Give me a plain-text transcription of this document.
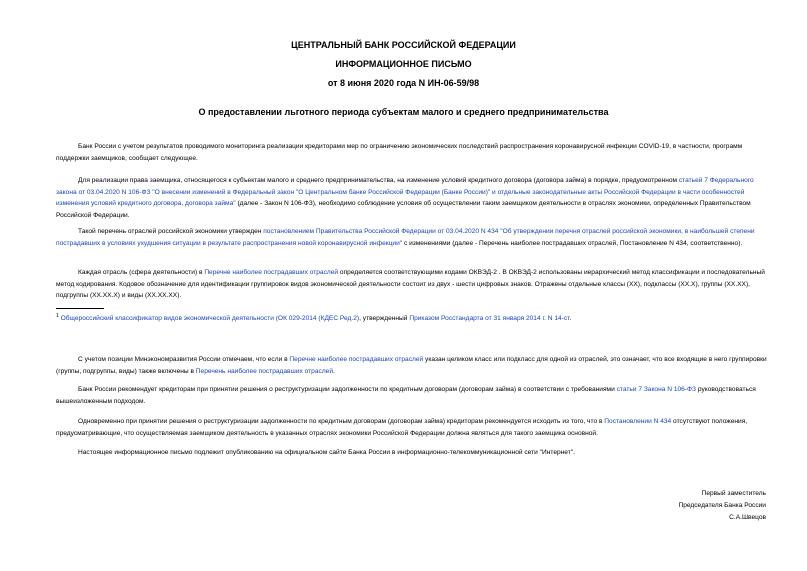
ЦЕНТРАЛЬНЫЙ БАНК РОССИЙСКОЙ ФЕДЕРАЦИИ
ИНФОРМАЦИОННОЕ ПИСЬМО
от 8 июня 2020 года N ИН-06-59/98
О предоставлении льготного периода субъектам малого и среднего предпринимательства

Банк России с учетом результатов проводимого мониторинга реализации кредиторами мер по ограничению экономических последствий распространения коронавирусной инфекции COVID-19, в частности, программ поддержки заемщиков, сообщает следующее.

Для реализации права заемщика, относящегося к субъектам малого и среднего предпринимательства, на изменение условий кредитного договора (договора займа) в порядке, предусмотренном статьей 7 Федерального закона от 03.04.2020 N 106-ФЗ "О внесении изменений в Федеральный закон "О Центральном банке Российской Федерации (Банке России)" и отдельные законодательные акты Российской Федерации в части особенностей изменения условий кредитного договора, договора займа" (далее - Закон N 106-ФЗ), необходимо соблюдение условия об осуществлении таким заемщиком деятельности в отраслях экономики, определенных Правительством Российской Федерации.

Такой перечень отраслей российской экономики утвержден постановлением Правительства Российской Федерации от 03.04.2020 N 434 "Об утверждении перечня отраслей российской экономики, в наибольшей степени пострадавших в условиях ухудшения ситуации в результате распространения новой коронавирусной инфекции" с изменениями (далее - Перечень наиболее пострадавших отраслей, Постановление N 434, соответственно).

Каждая отрасль (сфера деятельности) в Перечне наиболее пострадавших отраслей определяется соответствующими кодами ОКВЭД-2 . В ОКВЭД-2 использованы иерархический метод классификации и последовательный метод кодирования. Кодовое обозначение для идентификации группировок видов экономической деятельности состоит из двух - шести цифровых знаков. Отражены отдельные классы (XX), подклассы (XX.X), группы (XX.XX), подгруппы (XX.XX.X) и виды (XX.XX.XX).

$^1$ Общероссийский классификатор видов экономической деятельности (ОК 029-2014 (КДЕС Ред.2), утвержденный Приказом Росстандарта от 31 января 2014 г. N 14-ст.

С учетом позиции Минэкономразвития России отмечаем, что если в Перечне наиболее пострадавших отраслей указан целиком класс или подкласс для одной из отраслей, это означает, что все входящие в него группировки (группы, подгруппы, виды) также включены в Перечень наиболее пострадавших отраслей.

Банк России рекомендует кредиторам при принятии решения о реструктуризации задолженности по кредитным договорам (договорам займа) в соответствии с требованиями статьи 7 Закона N 106-ФЗ руководствоваться вышеизложенным подходом.

Одновременно при принятии решения о реструктуризации задолженности по кредитным договорам (договорам займа) кредиторам рекомендуется исходить из того, что в Постановлении N 434 отсутствуют положения, предусматривающие, что осуществляемая заемщиком деятельность в указанных отраслях экономики Российской Федерации должна являться для такого заемщика основной.

Настоящее информационное письмо подлежит опубликованию на официальном сайте Банка России в информационно-телекоммуникационной сети "Интернет".

Первый заместитель
Председателя Банка России
С.А.Швецов
